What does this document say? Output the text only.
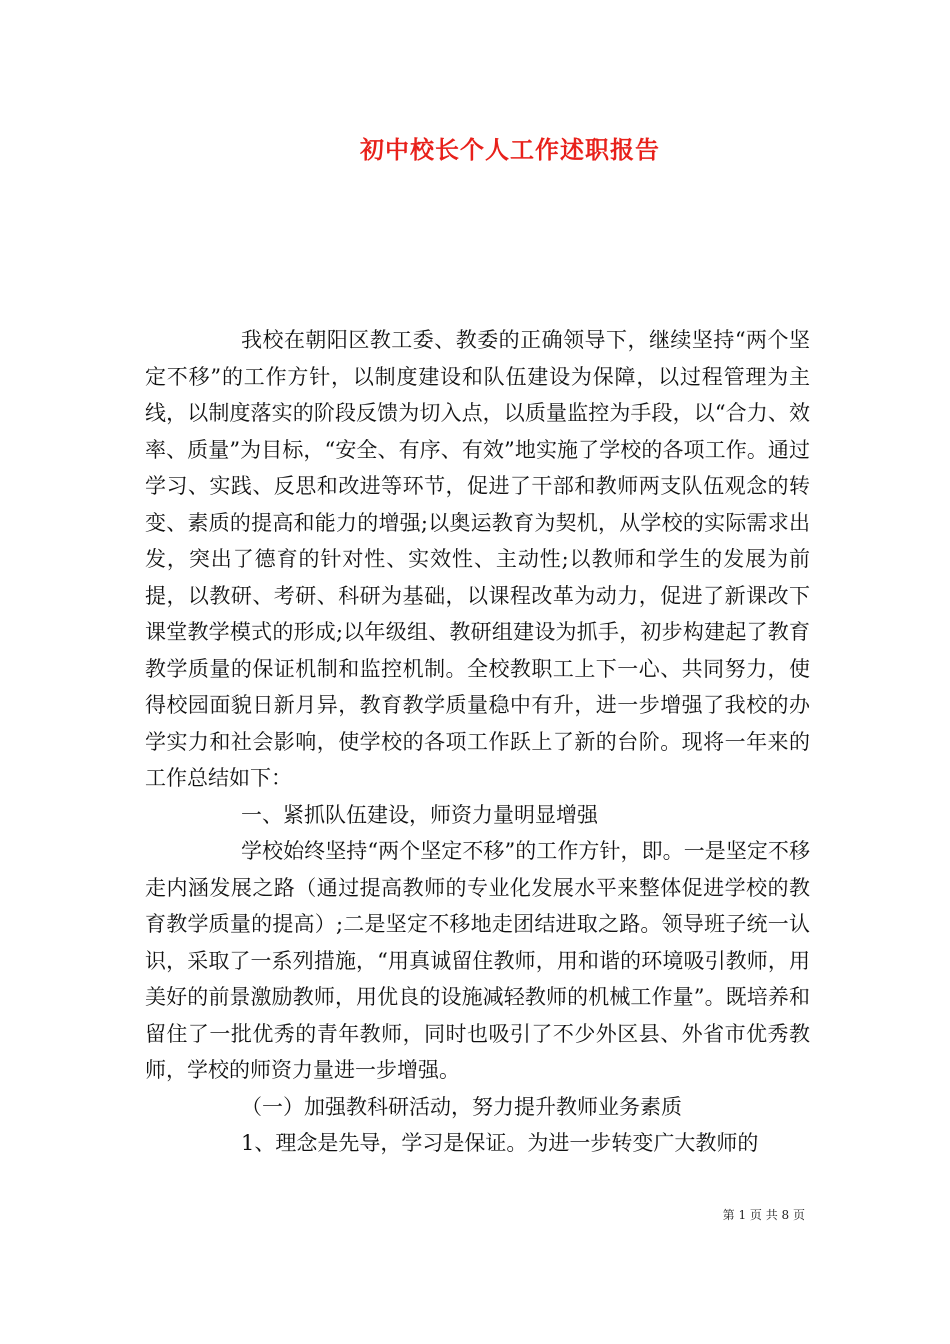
初中校长个人工作述职报告

我校在朝阳区教工委、教委的正确领导下，继续坚持“两个坚定不移”的工作方针，以制度建设和队伍建设为保障，以过程管理为主线，以制度落实的阶段反馈为切入点，以质量监控为手段，以“合力、效率、质量”为目标，“安全、有序、有效”地实施了学校的各项工作。通过学习、实践、反思和改进等环节，促进了干部和教师两支队伍观念的转变、素质的提高和能力的增强;以奥运教育为契机，从学校的实际需求出发，突出了德育的针对性、实效性、主动性;以教师和学生的发展为前提，以教研、考研、科研为基础，以课程改革为动力，促进了新课改下课堂教学模式的形成;以年级组、教研组建设为抓手，初步构建起了教育教学质量的保证机制和监控机制。全校教职工上下一心、共同努力，使得校园面貌日新月异，教育教学质量稳中有升，进一步增强了我校的办学实力和社会影响，使学校的各项工作跃上了新的台阶。现将一年来的工作总结如下：

一、紧抓队伍建设，师资力量明显增强

学校始终坚持“两个坚定不移”的工作方针，即。一是坚定不移走内涵发展之路（通过提高教师的专业化发展水平来整体促进学校的教育教学质量的提高）;二是坚定不移地走团结进取之路。领导班子统一认识，采取了一系列措施，“用真诚留住教师，用和谐的环境吸引教师，用美好的前景激励教师，用优良的设施减轻教师的机械工作量”。既培养和留住了一批优秀的青年教师，同时也吸引了不少外区县、外省市优秀教师，学校的师资力量进一步增强。

（一）加强教科研活动，努力提升教师业务素质

1、理念是先导，学习是保证。为进一步转变广大教师的

第 1 页 共 8 页
